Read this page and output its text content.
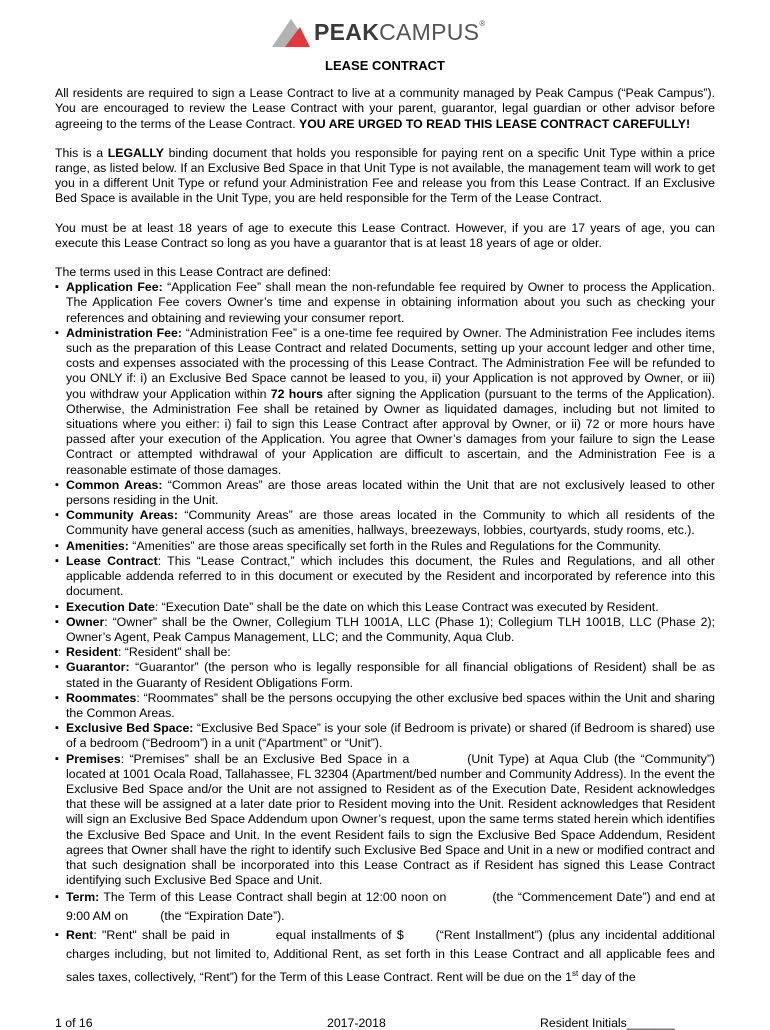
PEAKCAMPUS®
LEASE CONTRACT

All residents are required to sign a Lease Contract to live at a community managed by Peak Campus (“Peak Campus”). You are encouraged to review the Lease Contract with your parent, guarantor, legal guardian or other advisor before agreeing to the terms of the Lease Contract. YOU ARE URGED TO READ THIS LEASE CONTRACT CAREFULLY!

This is a LEGALLY binding document that holds you responsible for paying rent on a specific Unit Type within a price range, as listed below. If an Exclusive Bed Space in that Unit Type is not available, the management team will work to get you in a different Unit Type or refund your Administration Fee and release you from this Lease Contract. If an Exclusive Bed Space is available in the Unit Type, you are held responsible for the Term of the Lease Contract.

You must be at least 18 years of age to execute this Lease Contract. However, if you are 17 years of age, you can execute this Lease Contract so long as you have a guarantor that is at least 18 years of age or older.

The terms used in this Lease Contract are defined:
▪ Application Fee: “Application Fee” shall mean the non-refundable fee required by Owner to process the Application. The Application Fee covers Owner’s time and expense in obtaining information about you such as checking your references and obtaining and reviewing your consumer report.
▪ Administration Fee: “Administration Fee” is a one-time fee required by Owner. The Administration Fee includes items such as the preparation of this Lease Contract and related Documents, setting up your account ledger and other time, costs and expenses associated with the processing of this Lease Contract. The Administration Fee will be refunded to you ONLY if: i) an Exclusive Bed Space cannot be leased to you, ii) your Application is not approved by Owner, or iii) you withdraw your Application within 72 hours after signing the Application (pursuant to the terms of the Application). Otherwise, the Administration Fee shall be retained by Owner as liquidated damages, including but not limited to situations where you either: i) fail to sign this Lease Contract after approval by Owner, or ii) 72 or more hours have passed after your execution of the Application. You agree that Owner’s damages from your failure to sign the Lease Contract or attempted withdrawal of your Application are difficult to ascertain, and the Administration Fee is a reasonable estimate of those damages.
▪ Common Areas: “Common Areas” are those areas located within the Unit that are not exclusively leased to other persons residing in the Unit.
▪ Community Areas: “Community Areas” are those areas located in the Community to which all residents of the Community have general access (such as amenities, hallways, breezeways, lobbies, courtyards, study rooms, etc.).
▪ Amenities: “Amenities” are those areas specifically set forth in the Rules and Regulations for the Community.
▪ Lease Contract: This “Lease Contract,” which includes this document, the Rules and Regulations, and all other applicable addenda referred to in this document or executed by the Resident and incorporated by reference into this document.
▪ Execution Date: “Execution Date” shall be the date on which this Lease Contract was executed by Resident.
▪ Owner: “Owner” shall be the Owner, Collegium TLH 1001A, LLC (Phase 1); Collegium TLH 1001B, LLC (Phase 2); Owner’s Agent, Peak Campus Management, LLC; and the Community, Aqua Club.
▪ Resident: “Resident” shall be:
▪ Guarantor: “Guarantor” (the person who is legally responsible for all financial obligations of Resident) shall be as stated in the Guaranty of Resident Obligations Form.
▪ Roommates: “Roommates” shall be the persons occupying the other exclusive bed spaces within the Unit and sharing the Common Areas.
▪ Exclusive Bed Space: “Exclusive Bed Space” is your sole (if Bedroom is private) or shared (if Bedroom is shared) use of a bedroom (“Bedroom”) in a unit (“Apartment” or “Unit”).
▪ Premises: “Premises” shall be an Exclusive Bed Space in a	(Unit Type) at Aqua Club (the “Community”) located at 1001 Ocala Road, Tallahassee, FL 32304 (Apartment/bed number and Community Address). In the event the Exclusive Bed Space and/or the Unit are not assigned to Resident as of the Execution Date, Resident acknowledges that these will be assigned at a later date prior to Resident moving into the Unit. Resident acknowledges that Resident will sign an Exclusive Bed Space Addendum upon Owner’s request, upon the same terms stated herein which identifies the Exclusive Bed Space and Unit. In the event Resident fails to sign the Exclusive Bed Space Addendum, Resident agrees that Owner shall have the right to identify such Exclusive Bed Space and Unit in a new or modified contract and that such designation shall be incorporated into this Lease Contract as if Resident has signed this Lease Contract identifying such Exclusive Bed Space and Unit.
▪ Term: The Term of this Lease Contract shall begin at 12:00 noon on	(the “Commencement Date”) and end at 9:00 AM on	(the “Expiration Date”).
▪ Rent: "Rent" shall be paid in	equal installments of $	(“Rent Installment”) (plus any incidental additional charges including, but not limited to, Additional Rent, as set forth in this Lease Contract and all applicable fees and sales taxes, collectively, “Rent”) for the Term of this Lease Contract. Rent will be due on the 1st day of the
1 of 16	2017-2018	Resident Initials_______
